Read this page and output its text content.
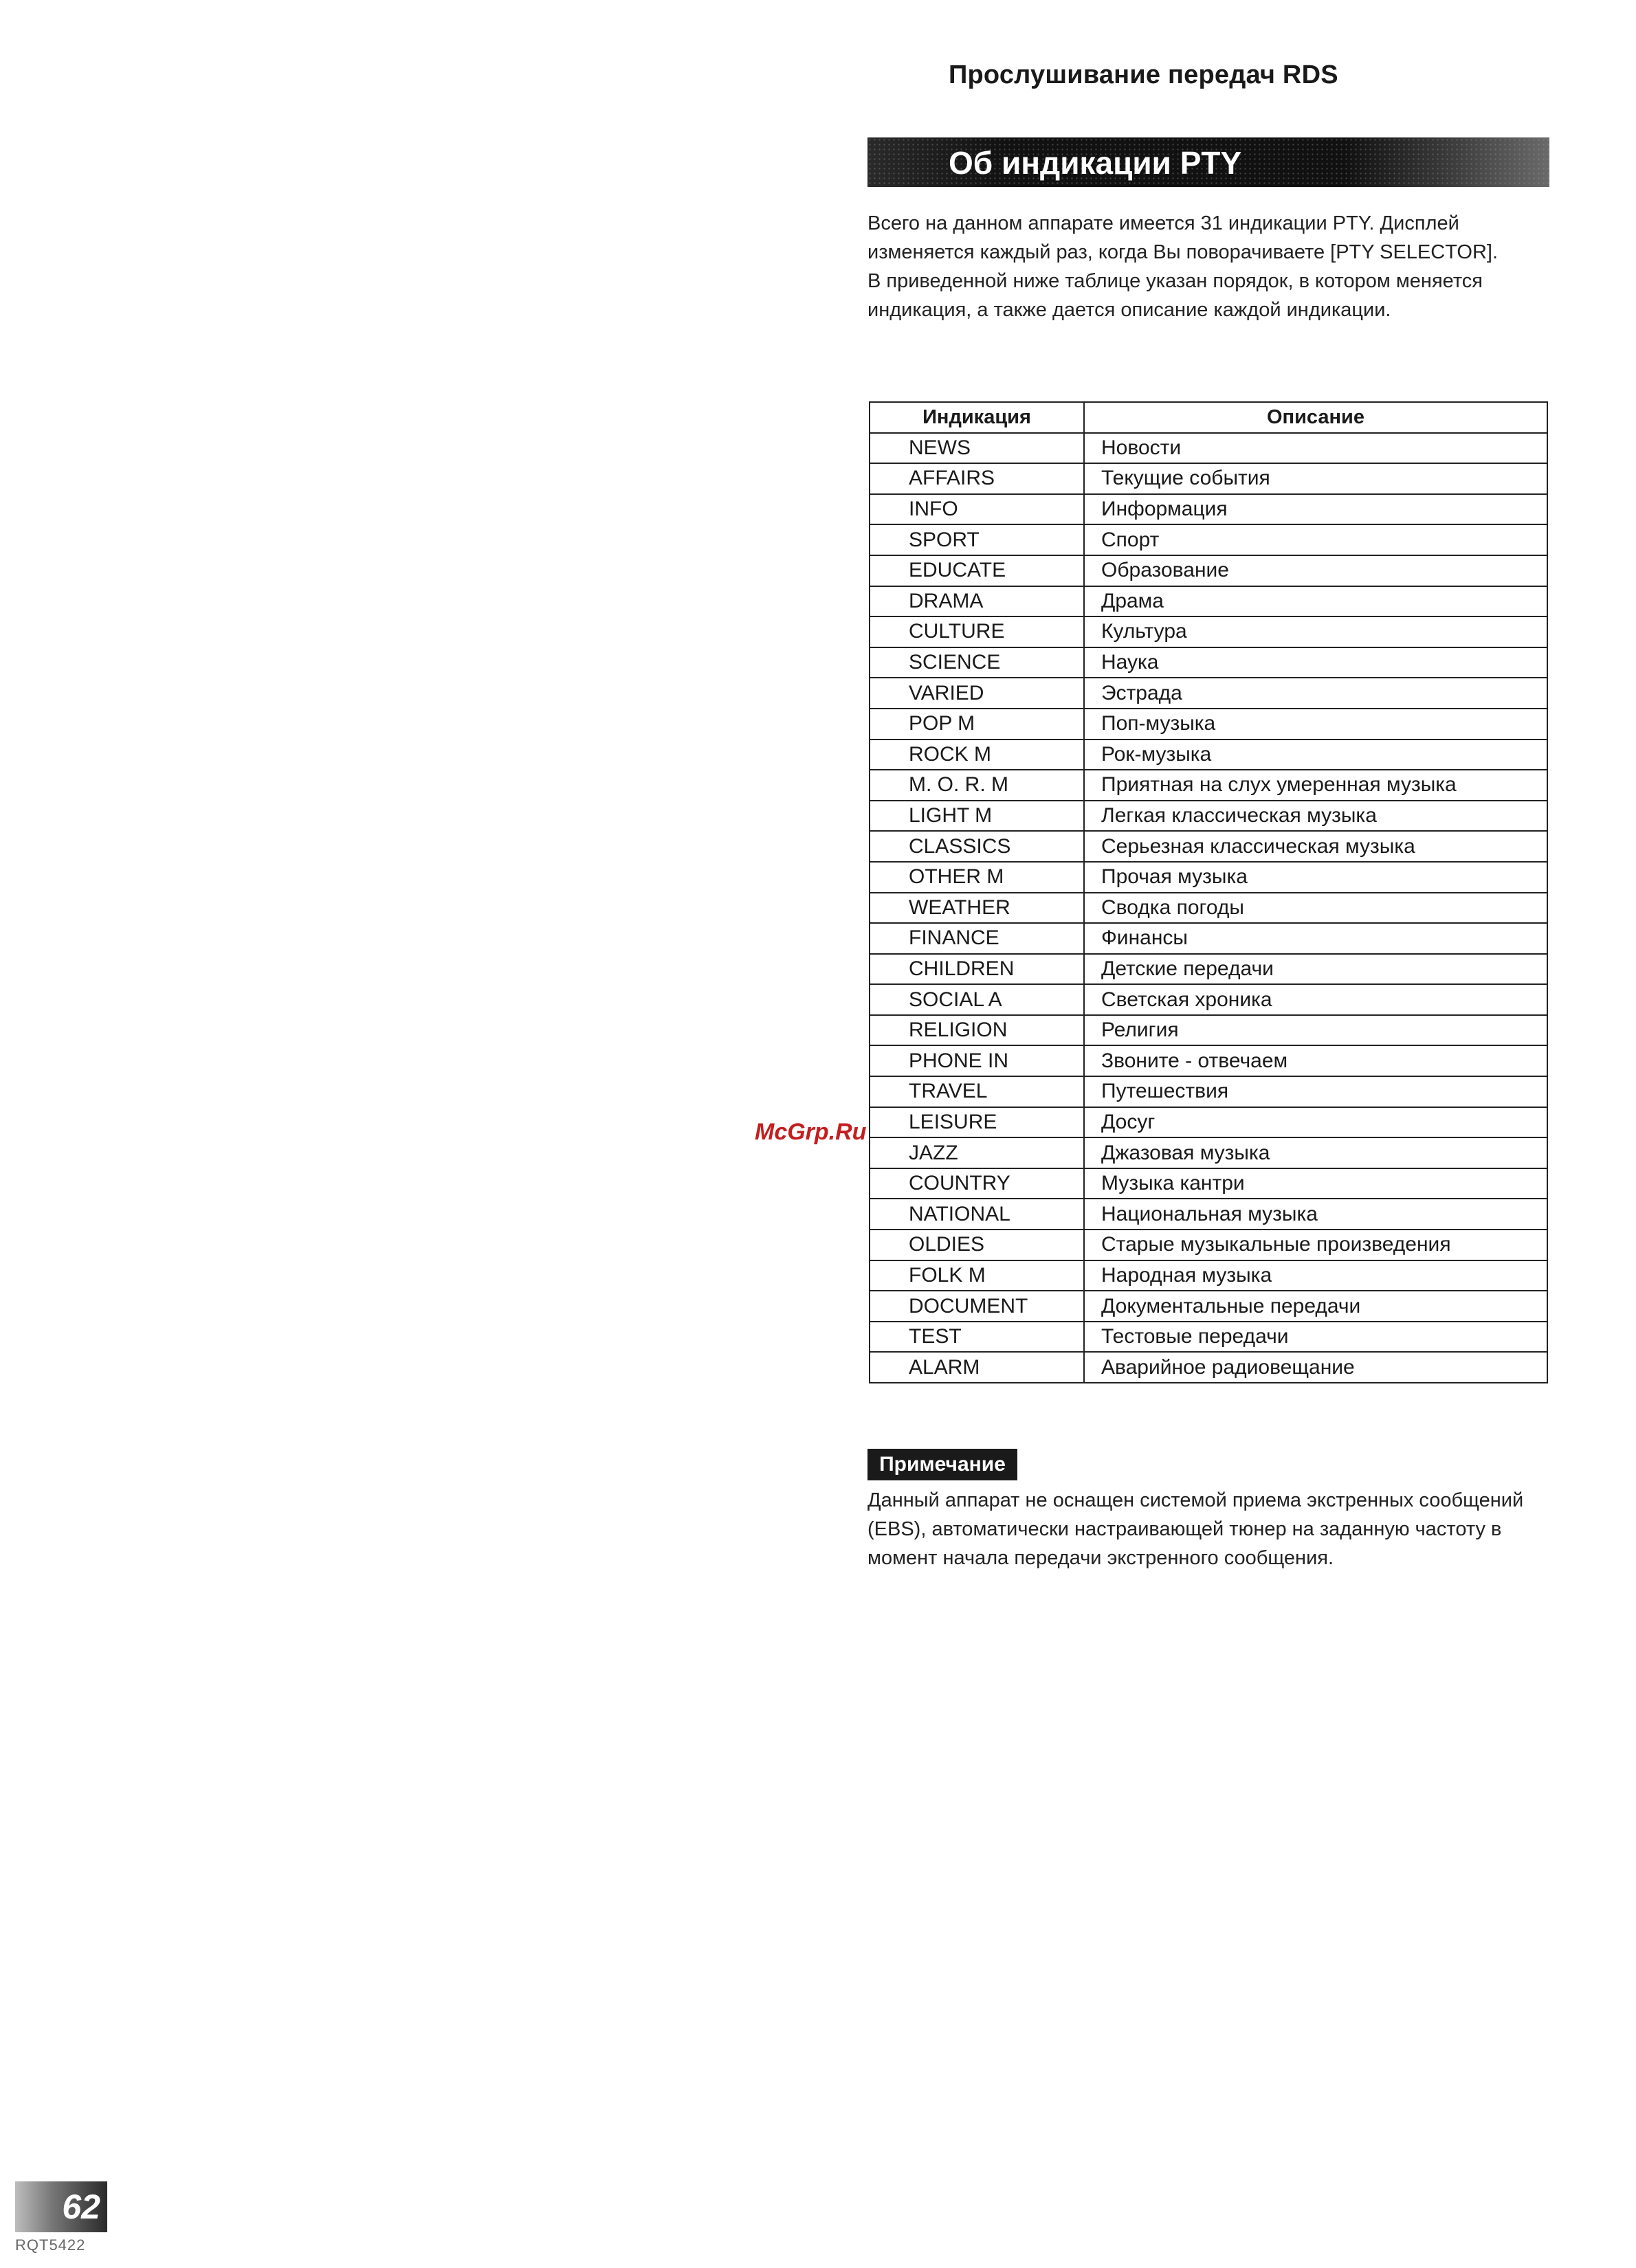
Прослушивание передач RDS
Об индикации PTY

Всего на данном аппарате имеется 31 индикации PTY. Дисплей изменяется каждый раз, когда Вы поворачиваете [PTY SELECTOR].

В приведенной ниже таблице указан порядок, в котором меняется индикация, а также дается описание каждой индикации.

Индикация	Описание
NEWS	Новости
AFFAIRS	Текущие события
INFO	Информация
SPORT	Спорт
EDUCATE	Образование
DRAMA	Драма
CULTURE	Культура
SCIENCE	Наука
VARIED	Эстрада
POP M	Поп-музыка
ROCK M	Рок-музыка
M. O. R. M	Приятная на слух умеренная музыка
LIGHT M	Легкая классическая музыка
CLASSICS	Серьезная классическая музыка
OTHER M	Прочая музыка
WEATHER	Сводка погоды
FINANCE	Финансы
CHILDREN	Детские передачи
SOCIAL A	Светская хроника
RELIGION	Религия
PHONE IN	Звоните - отвечаем
TRAVEL	Путешествия
LEISURE	Досуг
JAZZ	Джазовая музыка
COUNTRY	Музыка кантри
NATIONAL	Национальная музыка
OLDIES	Старые музыкальные произведения
FOLK M	Народная музыка
DOCUMENT	Документальные передачи
TEST	Тестовые передачи
ALARM	Аварийное радиовещание
McGrp.Ru
Примечание
Данный аппарат не оснащен системой приема экстренных сообщений (EBS), автоматически настраивающей тюнер на заданную частоту в момент начала передачи экстренного сообщения.
62
RQT5422
